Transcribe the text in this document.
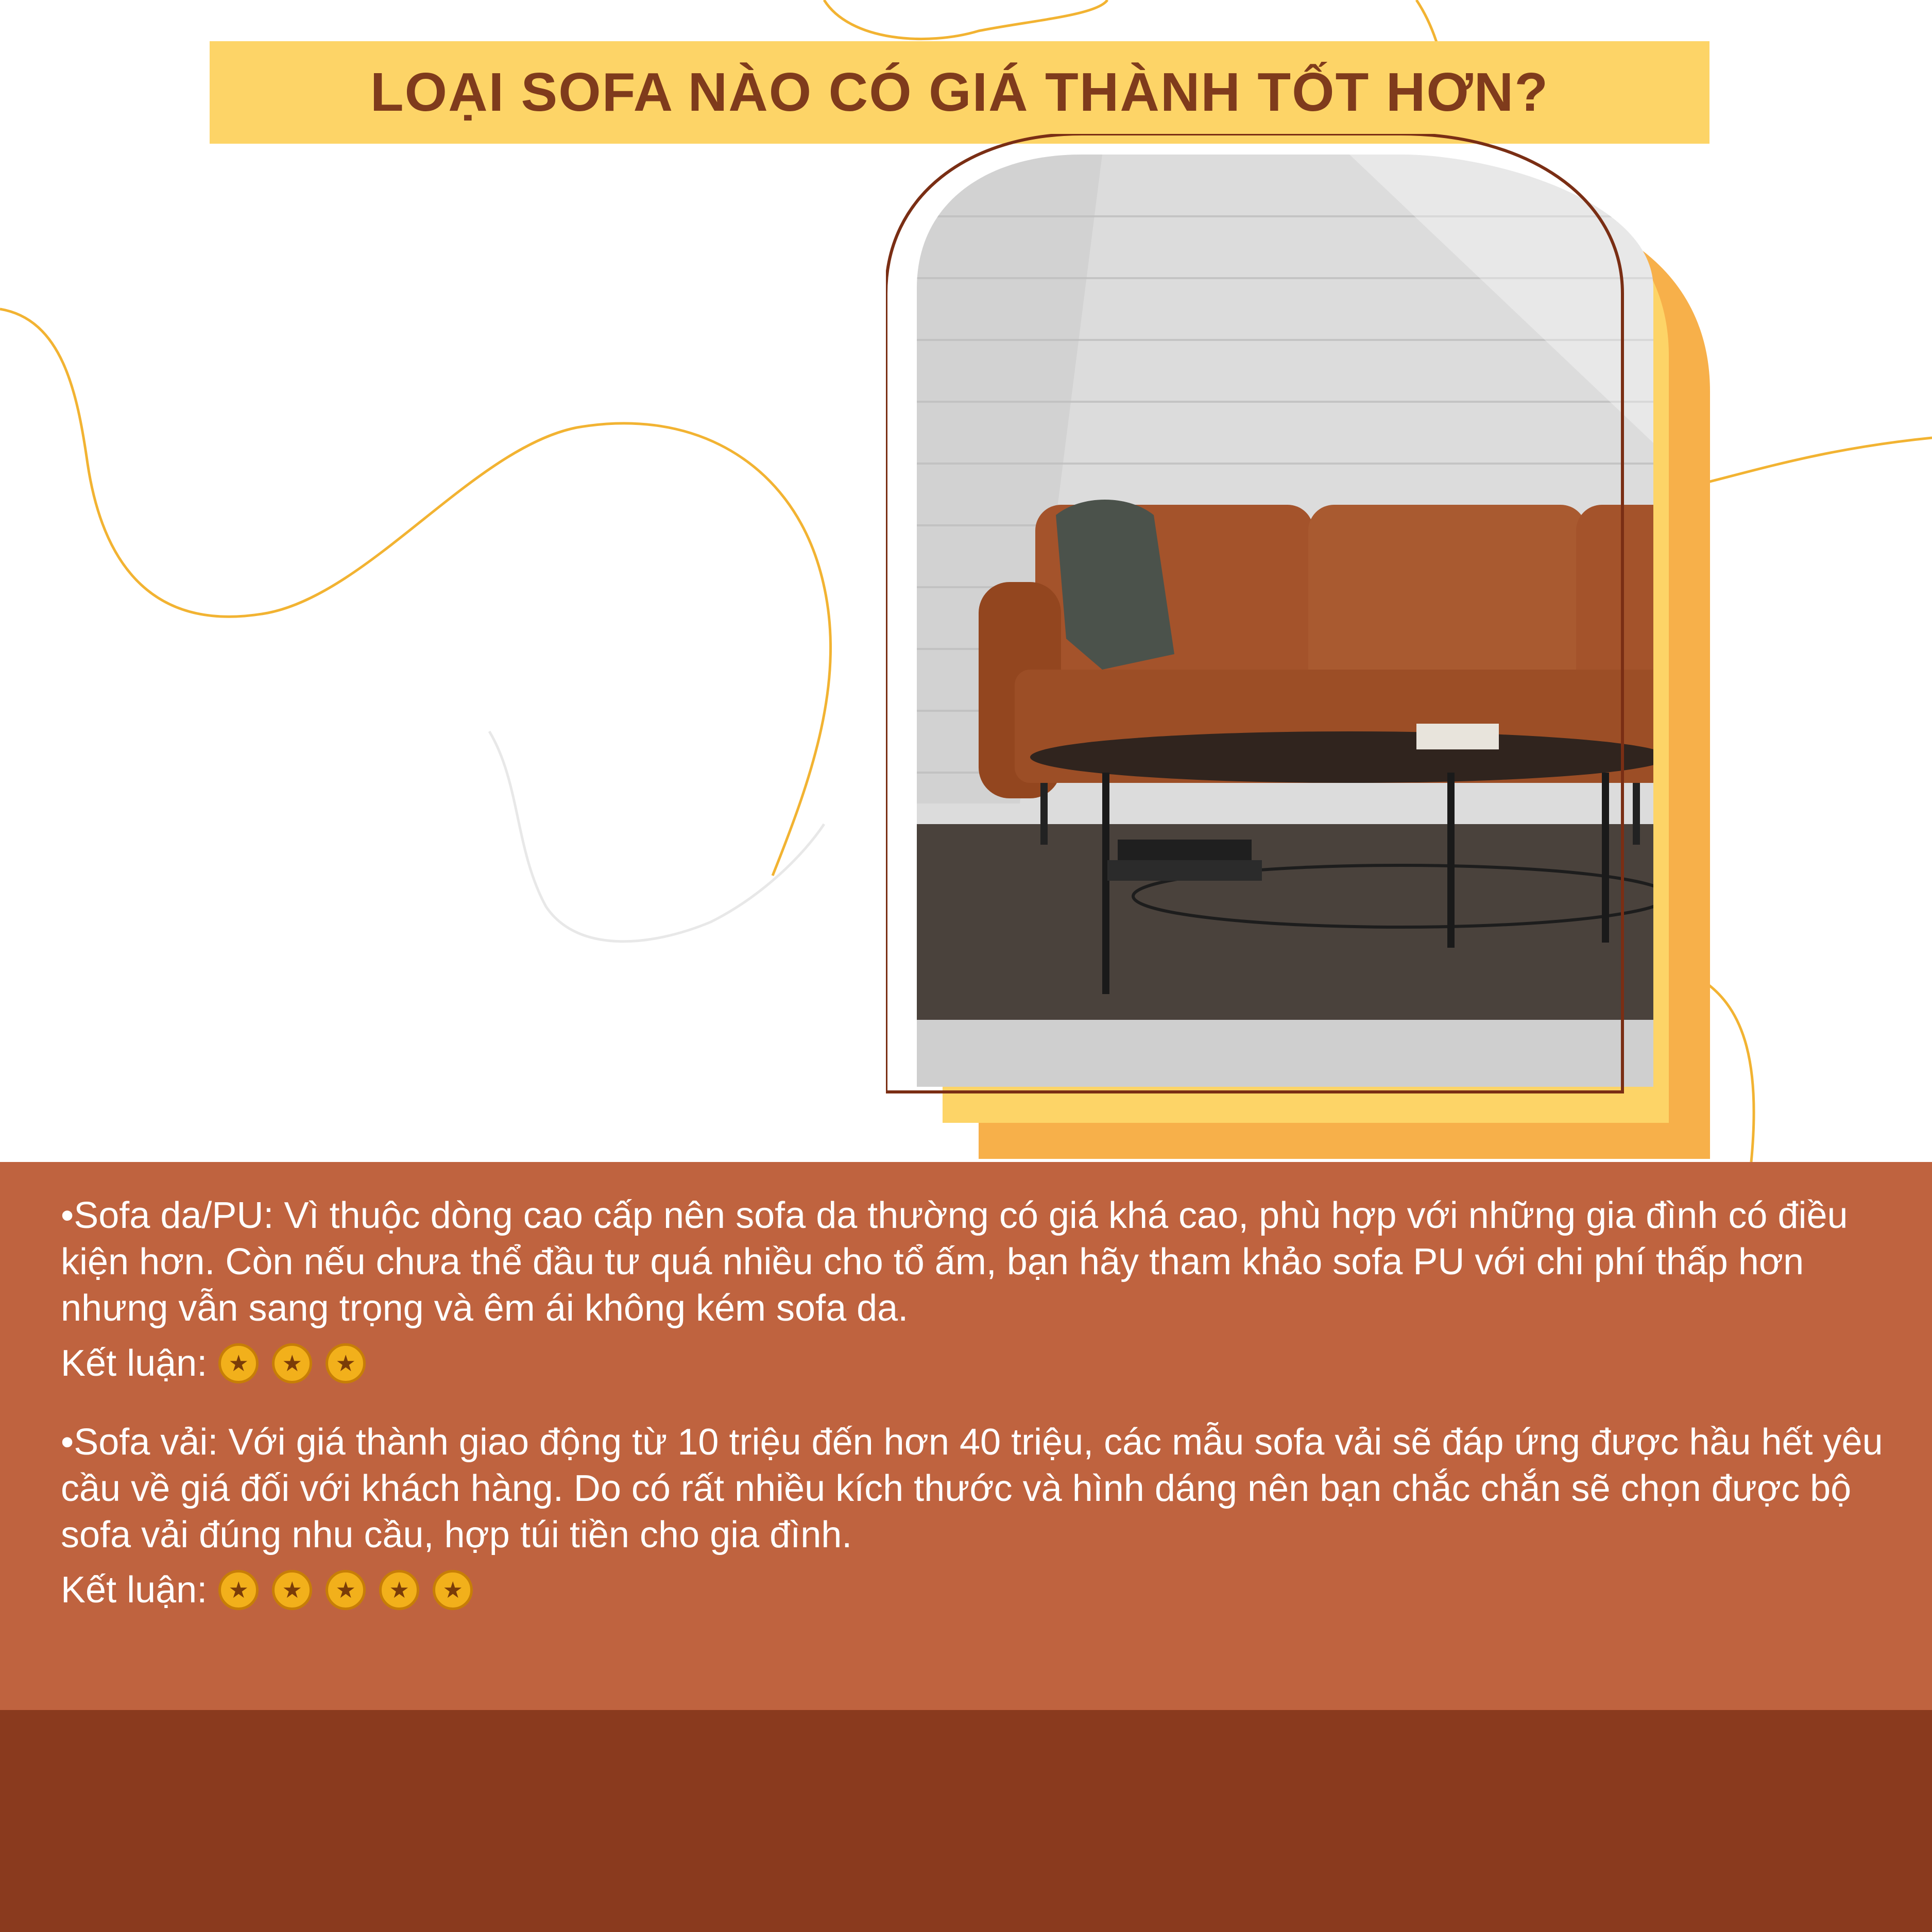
LOẠI SOFA NÀO CÓ GIÁ THÀNH TỐT HƠN?

•Sofa da/PU: Vì thuộc dòng cao cấp nên sofa da thường có giá khá cao, phù hợp với những gia đình có điều kiện hơn. Còn nếu chưa thể đầu tư quá nhiều cho tổ ấm, bạn hãy tham khảo sofa PU với chi phí thấp hơn nhưng vẫn sang trọng và êm ái không kém sofa da.

Kết luận: ★	★	★

•Sofa vải: Với giá thành giao động từ 10 triệu đến hơn 40 triệu, các mẫu sofa vải sẽ đáp ứng được hầu hết yêu cầu về giá đối với khách hàng. Do có rất nhiều kích thước và hình dáng nên bạn chắc chắn sẽ chọn được bộ sofa vải đúng nhu cầu, hợp túi tiền cho gia đình.

Kết luận: ★	★	★	★	★
